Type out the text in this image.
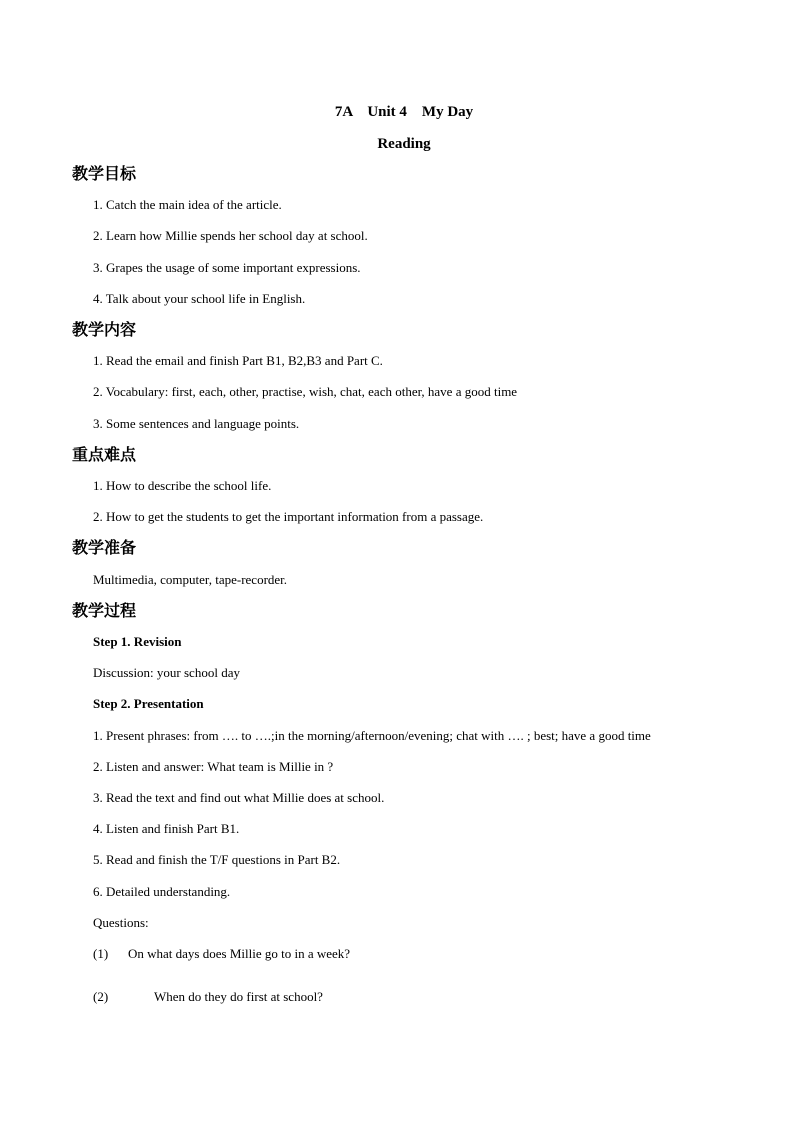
7A    Unit 4    My Day
Reading
教学目标
1. Catch the main idea of the article.
2. Learn how Millie spends her school day at school.
3. Grapes the usage of some important expressions.
4. Talk about your school life in English.
教学内容
1. Read the email and finish Part B1, B2,B3 and Part C.
2. Vocabulary: first, each, other, practise, wish, chat, each other, have a good time
3. Some sentences and language points.
重点难点
1. How to describe the school life.
2. How to get the students to get the important information from a passage.
教学准备
Multimedia, computer, tape-recorder.
教学过程
Step 1. Revision
Discussion: your school day
Step 2. Presentation
1. Present phrases: from …. to ….;in the morning/afternoon/evening; chat with …. ; best; have a good time
2. Listen and answer: What team is Millie in ?
3. Read the text and find out what Millie does at school.
4. Listen and finish Part B1.
5. Read and finish the T/F questions in Part B2.
6. Detailed understanding.
Questions:
(1) On what days does Millie go to in a week?
(2)	When do they do first at school?
